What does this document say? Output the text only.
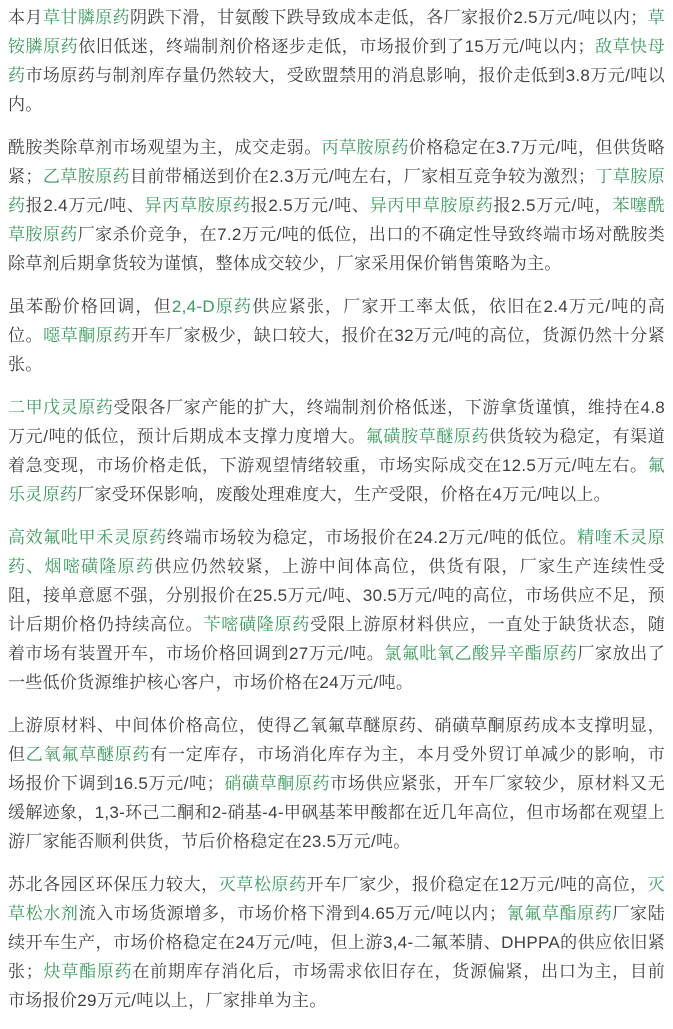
本月草甘膦原药阴跌下滑，甘氨酸下跌导致成本走低，各厂家报价2.5万元/吨以内；草铵膦原药依旧低迷，终端制剂价格逐步走低，市场报价到了15万元/吨以内；敌草快母药市场原药与制剂库存量仍然较大，受欧盟禁用的消息影响，报价走低到3.8万元/吨以内。

酰胺类除草剂市场观望为主，成交走弱。丙草胺原药价格稳定在3.7万元/吨，但供货略紧；乙草胺原药目前带桶送到价在2.3万元/吨左右，厂家相互竞争较为激烈；丁草胺原药报2.4万元/吨、异丙草胺原药报2.5万元/吨、异丙甲草胺原药报2.5万元/吨，苯噻酰草胺原药厂家杀价竞争，在7.2万元/吨的低位，出口的不确定性导致终端市场对酰胺类除草剂后期拿货较为谨慎，整体成交较少，厂家采用保价销售策略为主。

虽苯酚价格回调，但2,4-D原药供应紧张，厂家开工率太低，依旧在2.4万元/吨的高位。噁草酮原药开车厂家极少，缺口较大，报价在32万元/吨的高位，货源仍然十分紧张。

二甲戊灵原药受限各厂家产能的扩大，终端制剂价格低迷，下游拿货谨慎，维持在4.8万元/吨的低位，预计后期成本支撑力度增大。氟磺胺草醚原药供货较为稳定，有渠道着急变现，市场价格走低，下游观望情绪较重，市场实际成交在12.5万元/吨左右。氟乐灵原药厂家受环保影响，废酸处理难度大，生产受限，价格在4万元/吨以上。

高效氟吡甲禾灵原药终端市场较为稳定，市场报价在24.2万元/吨的低位。精喹禾灵原药、烟嘧磺隆原药供应仍然较紧，上游中间体高位，供货有限，厂家生产连续性受阻，接单意愿不强，分别报价在25.5万元/吨、30.5万元/吨的高位，市场供应不足，预计后期价格仍持续高位。苄嘧磺隆原药受限上游原材料供应，一直处于缺货状态，随着市场有装置开车，市场价格回调到27万元/吨。氯氟吡氧乙酸异辛酯原药厂家放出了一些低价货源维护核心客户，市场价格在24万元/吨。

上游原材料、中间体价格高位，使得乙氧氟草醚原药、硝磺草酮原药成本支撑明显，但乙氧氟草醚原药有一定库存，市场消化库存为主，本月受外贸订单减少的影响，市场报价下调到16.5万元/吨；硝磺草酮原药市场供应紧张，开车厂家较少，原材料又无缓解迹象，1,3-环己二酮和2-硝基-4-甲砜基苯甲酸都在近几年高位，但市场都在观望上游厂家能否顺利供货，节后价格稳定在23.5万元/吨。

苏北各园区环保压力较大，灭草松原药开车厂家少，报价稳定在12万元/吨的高位，灭草松水剂流入市场货源增多，市场价格下滑到4.65万元/吨以内；氰氟草酯原药厂家陆续开车生产，市场价格稳定在24万元/吨，但上游3,4-二氟苯腈、DHPPA的供应依旧紧张；炔草酯原药在前期库存消化后，市场需求依旧存在，货源偏紧，出口为主，目前市场报价29万元/吨以上，厂家排单为主。
